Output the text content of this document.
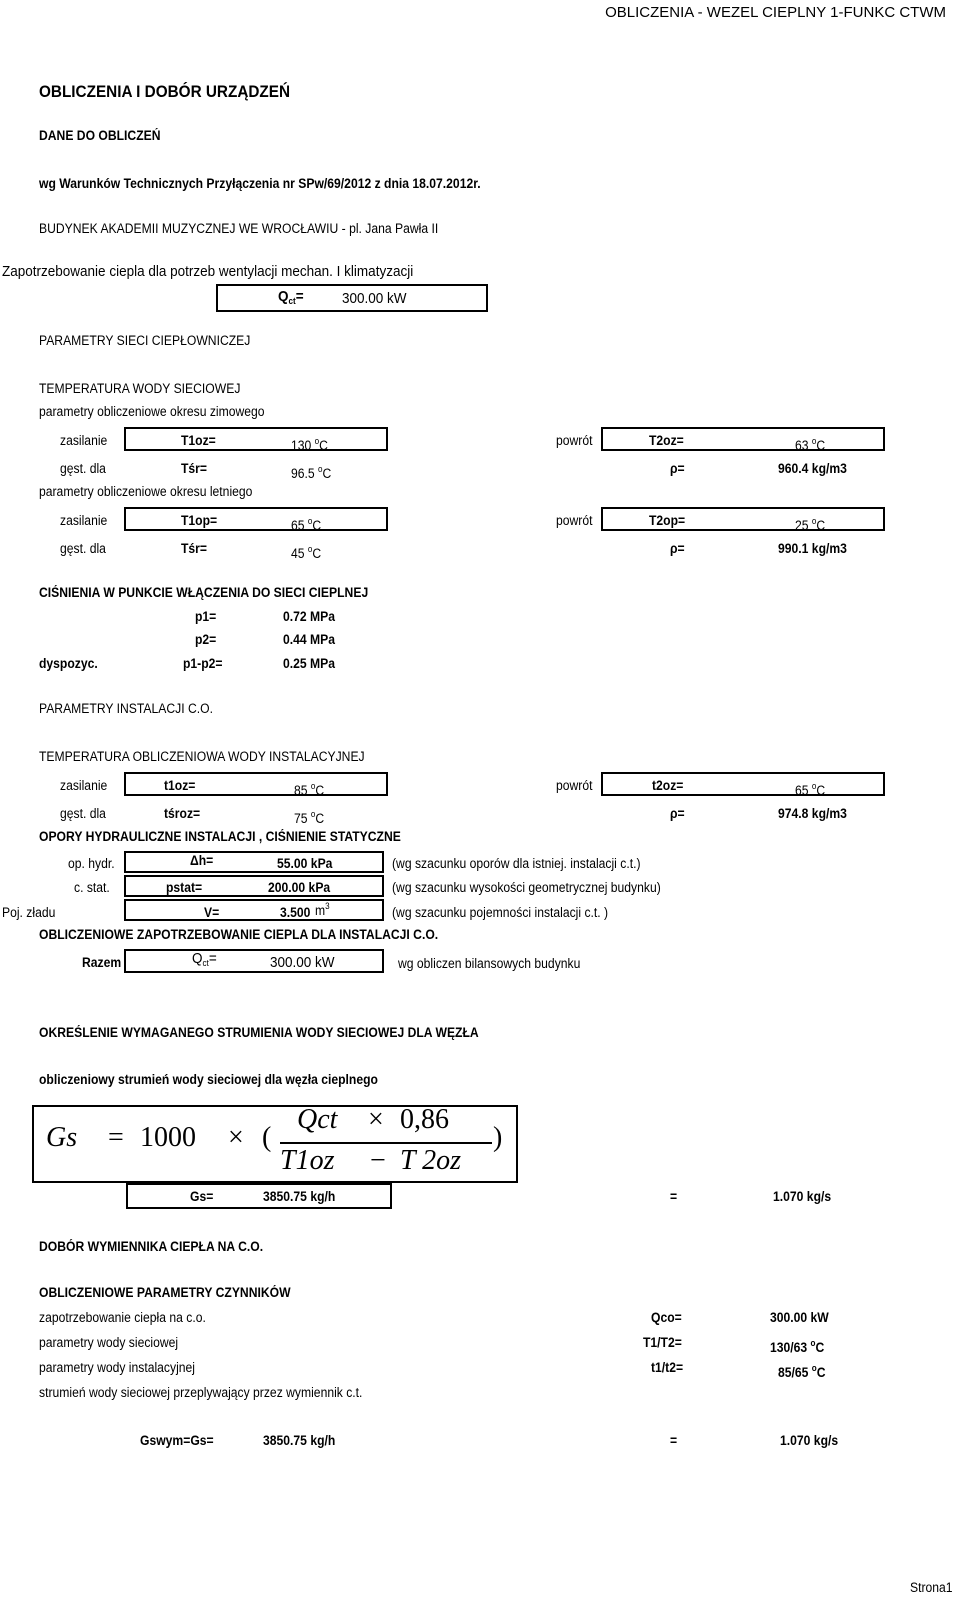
OBLICZENIA - WEZEL CIEPLNY 1-FUNKC CTWM
OBLICZENIA I DOBÓR URZĄDZEŃ
DANE DO OBLICZEŃ
wg Warunków Technicznych Przyłączenia nr SPw/69/2012 z dnia 18.07.2012r.
BUDYNEK AKADEMII MUZYCZNEJ WE WROCŁAWIU - pl. Jana Pawła II
Zapotrzebowanie ciepla dla potrzeb wentylacji mechan. I klimatyzacji
$Q_{ct}=$	300.00 kW
PARAMETRY SIECI CIEPŁOWNICZEJ
TEMPERATURA WODY SIECIOWEJ
parametry obliczeniowe okresu zimowego
zasilanie	T1oz=	130 $^o$C	powrót	T2oz=	63 $^o$C
gęst. dla	Tśr=	96.5 $^o$C	ρ=	960.4 kg/m3
parametry obliczeniowe okresu letniego
zasilanie	T1op=	65 $^o$C	powrót	T2op=	25 $^o$C
gęst. dla	Tśr=	45 $^o$C	ρ=	990.1 kg/m3
CIŚNIENIA W PUNKCIE WŁĄCZENIA DO SIECI CIEPLNEJ
p1=	0.72 MPa
p2=	0.44 MPa
dyspozyc.	p1-p2=	0.25 MPa
PARAMETRY INSTALACJI C.O.
TEMPERATURA OBLICZENIOWA WODY INSTALACYJNEJ
zasilanie	t1oz=	85 $^o$C	powrót	t2oz=	65 $^o$C
gęst. dla	tśroz=	75 $^o$C	ρ=	974.8 kg/m3
OPORY HYDRAULICZNE INSTALACJI , CIŚNIENIE STATYCZNE
op. hydr.	Δh=	55.00 kPa	(wg szacunku oporów dla istniej. instalacji c.t.)
c. stat.	pstat=	200.00 kPa	(wg szacunku wysokości geometrycznej budynku)
Poj. zładu	V=	3.500 $m^3$	(wg szacunku pojemności instalacji c.t. )
OBLICZENIOWE ZAPOTRZEBOWANIE CIEPLA DLA INSTALACJI C.O.
Razem	$Q_{ct}=$	300.00 kW	wg obliczen bilansowych budynku
OKREŚLENIE WYMAGANEGO STRUMIENIA WODY SIECIOWEJ DLA WĘZŁA
obliczeniowy strumień wody sieciowej dla węzła cieplnego
Gs = 1000 × (
Qct × 0,86
T1oz − T 2oz
)
Gs=	3850.75 kg/h	=	1.070 kg/s
DOBÓR WYMIENNIKA CIEPŁA NA C.O.
OBLICZENIOWE PARAMETRY CZYNNIKÓW
zapotrzebowanie ciepła na c.o.	Qco=	300.00 kW
parametry wody sieciowej	T1/T2=	130/63 $^o$C
parametry wody instalacyjnej	t1/t2=	85/65 $^o$C
strumień wody sieciowej przeplywający przez wymiennik c.t.
Gswym=Gs=	3850.75 kg/h	=	1.070 kg/s
Strona1
